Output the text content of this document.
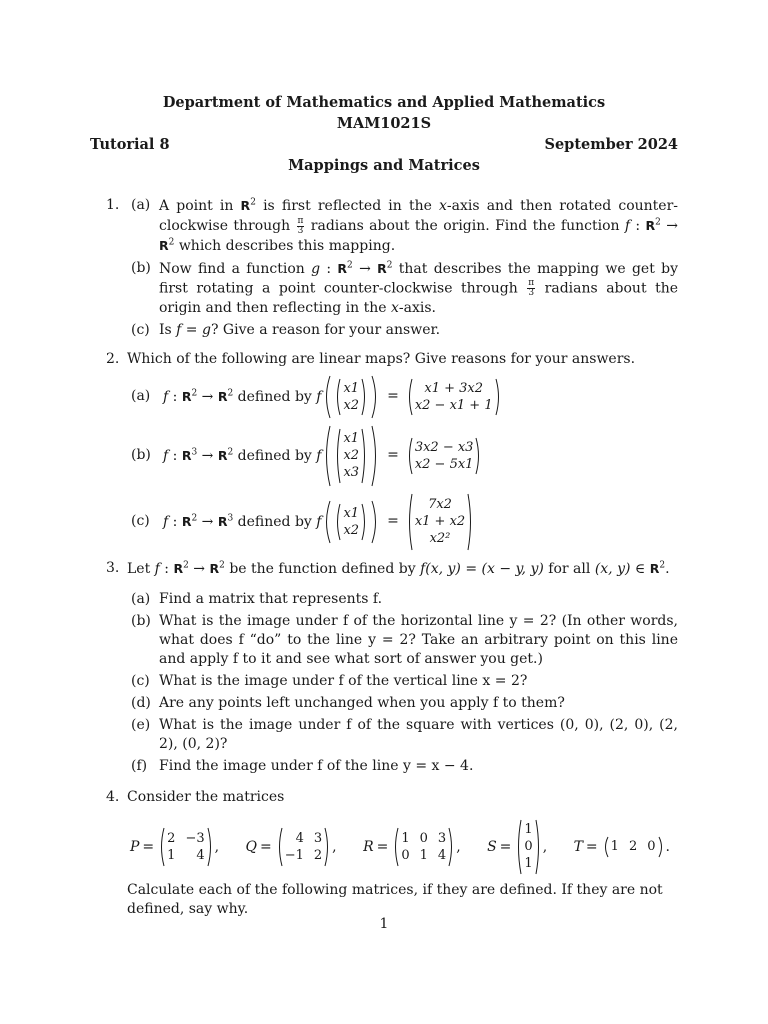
Department of Mathematics and Applied Mathematics
MAM1021S
Tutorial 8	September 2024
Mappings and Matrices
1. (a) A point in $R^2$ is first reflected in the x-axis and then rotated counter-clockwise through $\frac{\pi}{3}$ radians about the origin. Find the function f : $R^2 \to R^2$ which describes this mapping.
(b) Now find a function g : $R^2 \to R^2$ that describes the mapping we get by first rotating a point counter-clockwise through $\frac{\pi}{3}$ radians about the origin and then reflecting in the x-axis.
(c) Is f = g? Give a reason for your answer.
2. Which of the following are linear maps? Give reasons for your answers.
(a) f : $R^2 \to R^2$ defined by f
x1
x2
=	x1 + 3x2
x2 − x1 + 1
(b) f : $R^3 \to R^2$ defined by f
x1
x2
x3
= 3x2 − x3
x2 − 5x1
(c) f : $R^2 \to R^3$ defined by f
x1
x2
=
7x2
x1 + x2
x2²
3. Let f : $R^2 \to R^2$ be the function defined by f(x, y) = (x − y, y) for all (x, y) ∈ $R^2$.
(a) Find a matrix that represents f.
(b) What is the image under f of the horizontal line y = 2? (In other words, what does f “do” to the line y = 2? Take an arbitrary point on this line and apply f to it and see what sort of answer you get.)
(c) What is the image under f of the vertical line x = 2?
(d) Are any points left unchanged when you apply f to them?
(e) What is the image under f of the square with vertices (0, 0), (2, 0), (2, 2), (0, 2)?
(f) Find the image under f of the line y = x − 4.
4. Consider the matrices
P =
2 −3
1	4
, Q =
4 3
−1 2
, R =
1 0 3
0 1 4
, S =
1
0
1
, T = 1 2 0 .
Calculate each of the following matrices, if they are defined. If they are not defined, say why.
1
